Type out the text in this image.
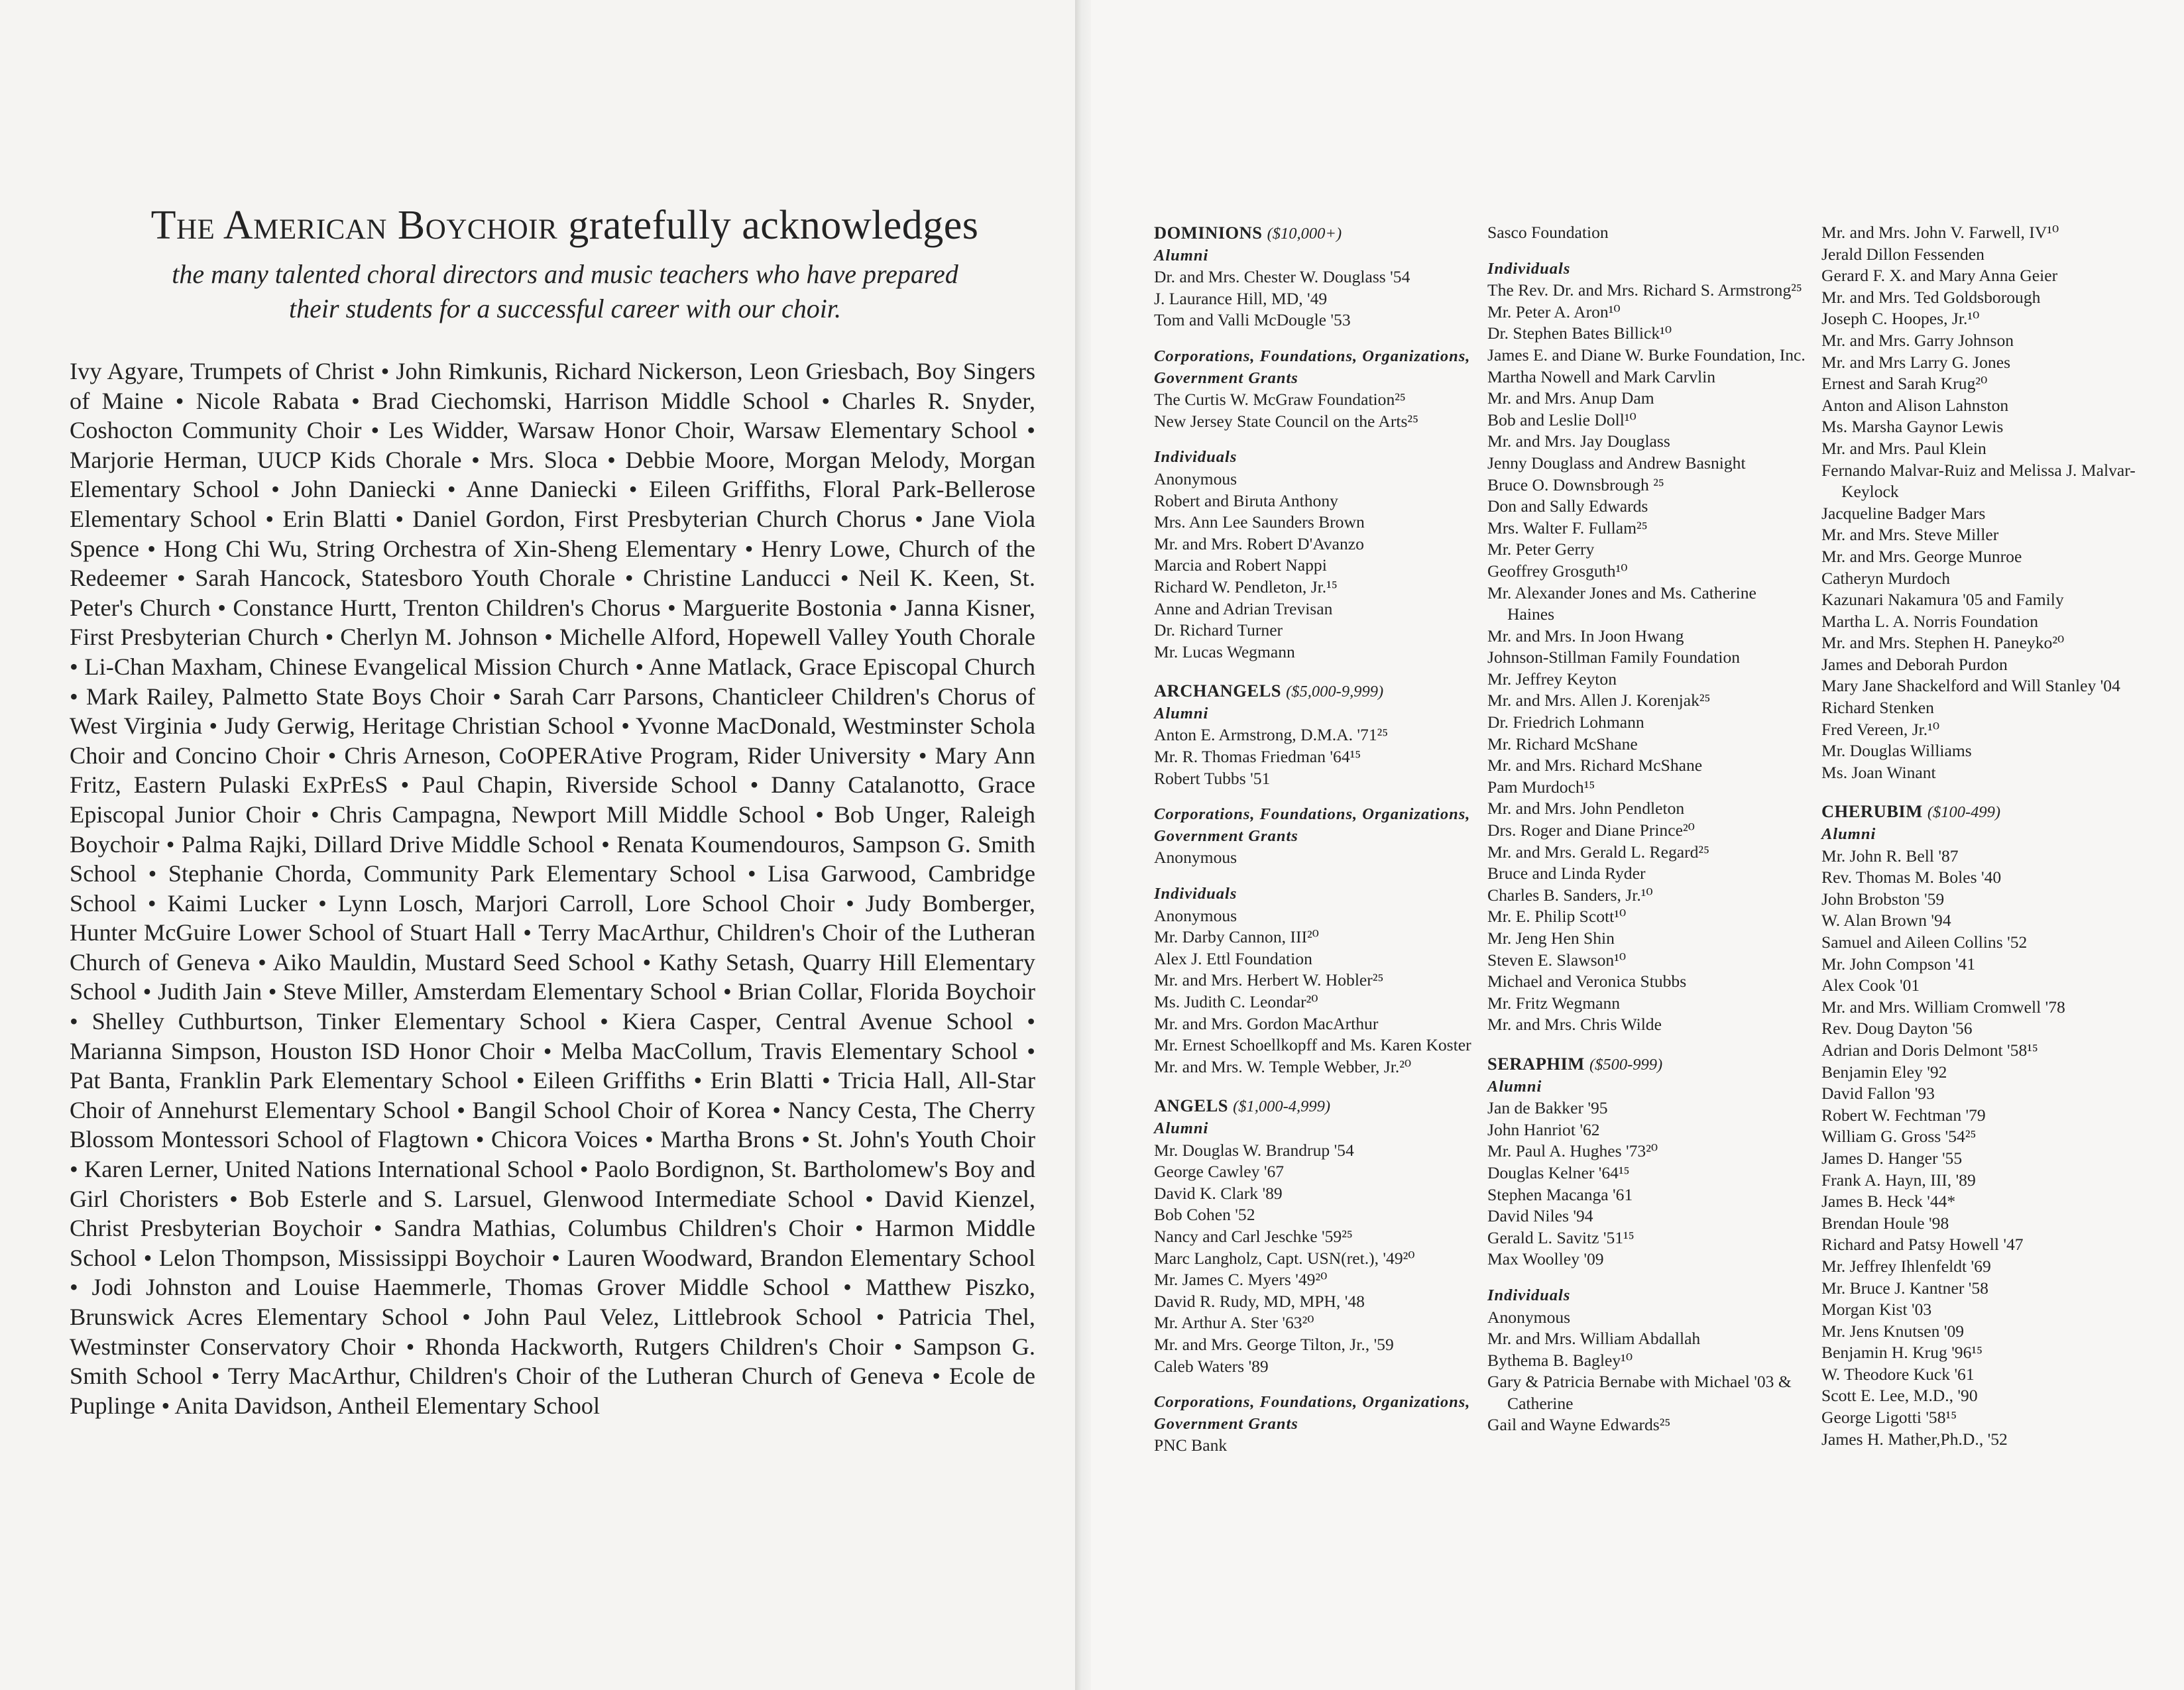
The American Boychoir gratefully acknowledges

the many talented choral directors and music teachers who have prepared their students for a successful career with our choir.

Ivy Agyare, Trumpets of Christ • John Rimkunis, Richard Nickerson, Leon Griesbach, Boy Singers of Maine • Nicole Rabata • Brad Ciechomski, Harrison Middle School • Charles R. Snyder, Coshocton Community Choir • Les Widder, Warsaw Honor Choir, Warsaw Elementary School • Marjorie Herman, UUCP Kids Chorale • Mrs. Sloca • Debbie Moore, Morgan Melody, Morgan Elementary School • John Daniecki • Anne Daniecki • Eileen Griffiths, Floral Park-Bellerose Elementary School • Erin Blatti • Daniel Gordon, First Presbyterian Church Chorus • Jane Viola Spence • Hong Chi Wu, String Orchestra of Xin-Sheng Elementary • Henry Lowe, Church of the Redeemer • Sarah Hancock, Statesboro Youth Chorale • Christine Landucci • Neil K. Keen, St. Peter's Church • Constance Hurtt, Trenton Children's Chorus • Marguerite Bostonia • Janna Kisner, First Presbyterian Church • Cherlyn M. Johnson • Michelle Alford, Hopewell Valley Youth Chorale • Li-Chan Maxham, Chinese Evangelical Mission Church • Anne Matlack, Grace Episcopal Church • Mark Railey, Palmetto State Boys Choir • Sarah Carr Parsons, Chanticleer Children's Chorus of West Virginia • Judy Gerwig, Heritage Christian School • Yvonne MacDonald, Westminster Schola Choir and Concino Choir • Chris Arneson, CoOPERAtive Program, Rider University • Mary Ann Fritz, Eastern Pulaski ExPrEsS • Paul Chapin, Riverside School • Danny Catalanotto, Grace Episcopal Junior Choir • Chris Campagna, Newport Mill Middle School • Bob Unger, Raleigh Boychoir • Palma Rajki, Dillard Drive Middle School • Renata Koumendouros, Sampson G. Smith School • Stephanie Chorda, Community Park Elementary School • Lisa Garwood, Cambridge School • Kaimi Lucker • Lynn Losch, Marjori Carroll, Lore School Choir • Judy Bomberger, Hunter McGuire Lower School of Stuart Hall • Terry MacArthur, Children's Choir of the Lutheran Church of Geneva • Aiko Mauldin, Mustard Seed School • Kathy Setash, Quarry Hill Elementary School • Judith Jain • Steve Miller, Amsterdam Elementary School • Brian Collar, Florida Boychoir • Shelley Cuthburtson, Tinker Elementary School • Kiera Casper, Central Avenue School • Marianna Simpson, Houston ISD Honor Choir • Melba MacCollum, Travis Elementary School • Pat Banta, Franklin Park Elementary School • Eileen Griffiths • Erin Blatti • Tricia Hall, All-Star Choir of Annehurst Elementary School • Bangil School Choir of Korea • Nancy Cesta, The Cherry Blossom Montessori School of Flagtown • Chicora Voices • Martha Brons • St. John's Youth Choir • Karen Lerner, United Nations International School • Paolo Bordignon, St. Bartholomew's Boy and Girl Choristers • Bob Esterle and S. Larsuel, Glenwood Intermediate School • David Kienzel, Christ Presbyterian Boychoir • Sandra Mathias, Columbus Children's Choir • Harmon Middle School • Lelon Thompson, Mississippi Boychoir • Lauren Woodward, Brandon Elementary School • Jodi Johnston and Louise Haemmerle, Thomas Grover Middle School • Matthew Piszko, Brunswick Acres Elementary School • John Paul Velez, Littlebrook School • Patricia Thel, Westminster Conservatory Choir • Rhonda Hackworth, Rutgers Children's Choir • Sampson G. Smith School • Terry MacArthur, Children's Choir of the Lutheran Church of Geneva • Ecole de Puplinge • Anita Davidson, Antheil Elementary School

DOMINIONS ($10,000+)
Alumni
Dr. and Mrs. Chester W. Douglass '54
J. Laurance Hill, MD, '49
Tom and Valli McDougle '53
Corporations, Foundations, Organizations, Government Grants
The Curtis W. McGraw Foundation²⁵
New Jersey State Council on the Arts²⁵
Individuals
Anonymous
Robert and Biruta Anthony
Mrs. Ann Lee Saunders Brown
Mr. and Mrs. Robert D'Avanzo
Marcia and Robert Nappi
Richard W. Pendleton, Jr.¹⁵
Anne and Adrian Trevisan
Dr. Richard Turner
Mr. Lucas Wegmann
ARCHANGELS ($5,000-9,999)
Alumni
Anton E. Armstrong, D.M.A. '71²⁵
Mr. R. Thomas Friedman '64¹⁵
Robert Tubbs '51
Corporations, Foundations, Organizations, Government Grants
Anonymous
Individuals
Anonymous
Mr. Darby Cannon, III²⁰
Alex J. Ettl Foundation
Mr. and Mrs. Herbert W. Hobler²⁵
Ms. Judith C. Leondar²⁰
Mr. and Mrs. Gordon MacArthur
Mr. Ernest Schoellkopff and Ms. Karen Koster
Mr. and Mrs. W. Temple Webber, Jr.²⁰
ANGELS ($1,000-4,999)
Alumni
Mr. Douglas W. Brandrup '54
George Cawley '67
David K. Clark '89
Bob Cohen '52
Nancy and Carl Jeschke '59²⁵
Marc Langholz, Capt. USN(ret.), '49²⁰
Mr. James C. Myers '49²⁰
David R. Rudy, MD, MPH, '48
Mr. Arthur A. Ster '63²⁰
Mr. and Mrs. George Tilton, Jr., '59
Caleb Waters '89
Corporations, Foundations, Organizations, Government Grants
PNC Bank
Sasco Foundation
Individuals
The Rev. Dr. and Mrs. Richard S. Armstrong²⁵
Mr. Peter A. Aron¹⁰
Dr. Stephen Bates Billick¹⁰
James E. and Diane W. Burke Foundation, Inc.
Martha Nowell and Mark Carvlin
Mr. and Mrs. Anup Dam
Bob and Leslie Doll¹⁰
Mr. and Mrs. Jay Douglass
Jenny Douglass and Andrew Basnight
Bruce O. Downsbrough ²⁵
Don and Sally Edwards
Mrs. Walter F. Fullam²⁵
Mr. Peter Gerry
Geoffrey Grosguth¹⁰
Mr. Alexander Jones and Ms. Catherine Haines
Mr. and Mrs. In Joon Hwang
Johnson-Stillman Family Foundation
Mr. Jeffrey Keyton
Mr. and Mrs. Allen J. Korenjak²⁵
Dr. Friedrich Lohmann
Mr. Richard McShane
Mr. and Mrs. Richard McShane
Pam Murdoch¹⁵
Mr. and Mrs. John Pendleton
Drs. Roger and Diane Prince²⁰
Mr. and Mrs. Gerald L. Regard²⁵
Bruce and Linda Ryder
Charles B. Sanders, Jr.¹⁰
Mr. E. Philip Scott¹⁰
Mr. Jeng Hen Shin
Steven E. Slawson¹⁰
Michael and Veronica Stubbs
Mr. Fritz Wegmann
Mr. and Mrs. Chris Wilde
SERAPHIM ($500-999)
Alumni
Jan de Bakker '95
John Hanriot '62
Mr. Paul A. Hughes '73²⁰
Douglas Kelner '64¹⁵
Stephen Macanga '61
David Niles '94
Gerald L. Savitz '51¹⁵
Max Woolley '09
Individuals
Anonymous
Mr. and Mrs. William Abdallah
Bythema B. Bagley¹⁰
Gary & Patricia Bernabe with Michael '03 & Catherine
Gail and Wayne Edwards²⁵
Mr. and Mrs. John V. Farwell, IV¹⁰
Jerald Dillon Fessenden
Gerard F. X. and Mary Anna Geier
Mr. and Mrs. Ted Goldsborough
Joseph C. Hoopes, Jr.¹⁰
Mr. and Mrs. Garry Johnson
Mr. and Mrs Larry G. Jones
Ernest and Sarah Krug²⁰
Anton and Alison Lahnston
Ms. Marsha Gaynor Lewis
Mr. and Mrs. Paul Klein
Fernando Malvar-Ruiz and Melissa J. Malvar-Keylock
Jacqueline Badger Mars
Mr. and Mrs. Steve Miller
Mr. and Mrs. George Munroe
Catheryn Murdoch
Kazunari Nakamura '05 and Family
Martha L. A. Norris Foundation
Mr. and Mrs. Stephen H. Paneyko²⁰
James and Deborah Purdon
Mary Jane Shackelford and Will Stanley '04
Richard Stenken
Fred Vereen, Jr.¹⁰
Mr. Douglas Williams
Ms. Joan Winant
CHERUBIM ($100-499)
Alumni
Mr. John R. Bell '87
Rev. Thomas M. Boles '40
John Brobston '59
W. Alan Brown '94
Samuel and Aileen Collins '52
Mr. John Compson '41
Alex Cook '01
Mr. and Mrs. William Cromwell '78
Rev. Doug Dayton '56
Adrian and Doris Delmont '58¹⁵
Benjamin Eley '92
David Fallon '93
Robert W. Fechtman '79
William G. Gross '54²⁵
James D. Hanger '55
Frank A. Hayn, III, '89
James B. Heck '44*
Brendan Houle '98
Richard and Patsy Howell '47
Mr. Jeffrey Ihlenfeldt '69
Mr. Bruce J. Kantner '58
Morgan Kist '03
Mr. Jens Knutsen '09
Benjamin H. Krug '96¹⁵
W. Theodore Kuck '61
Scott E. Lee, M.D., '90
George Ligotti '58¹⁵
James H. Mather,Ph.D., '52
